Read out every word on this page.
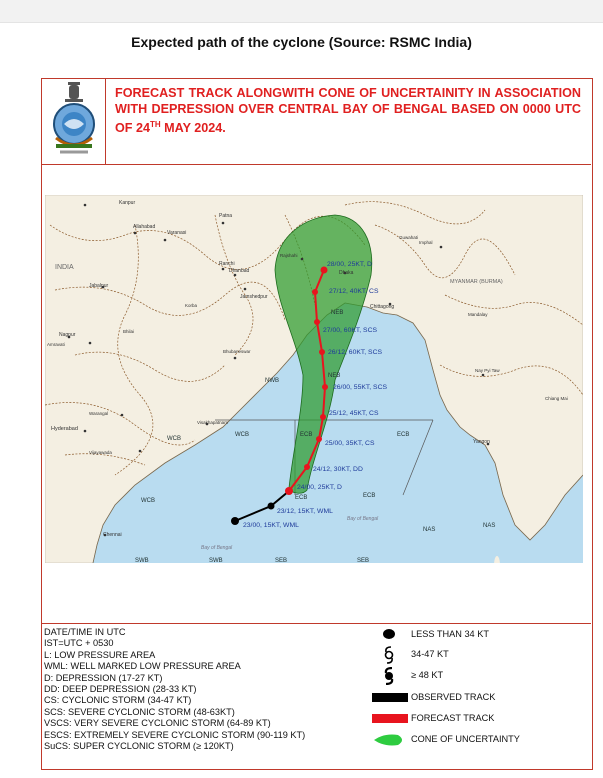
Expected path of the cyclone (Source: RSMC India)
FORECAST TRACK ALONGWITH CONE OF UNCERTAINITY IN ASSOCIATION WITH DEPRESSION OVER CENTRAL BAY OF BENGAL BASED ON 0000 UTC OF 24TH MAY 2024.
Kanpur
Allahabad
Varanasi
Patna
Guwahati
Imphal
INDIA
Jabalpur
Ranchi
Dhanbad
Jamshedpur
Rajshahi
Dhaka
Chittagong
MYANMAR (BURMA)
Mandalay
Korba
Bhilai
Nagpur
Amravati
Bhubaneswar
Nay Pyi Taw
Chiang Mai
Warangal
Hyderabad
Visakhapatnam
Vijayawada
Yangon
Chennai
Bay of Bengal
Bay of Bengal
NWB
NEB
NEB
WCB
WCB
WCB
ECB	ECB
ECB	ECB
NAS
NAS
SWB	SWB	SEB	SEB
28/00, 25KT, D
27/12, 40KT, CS
27/00, 60KT, SCS
26/12, 60KT, SCS
26/00, 55KT, SCS
25/12, 45KT, CS
25/00, 35KT, CS
24/12, 30KT, DD
24/00, 25KT, D
23/12, 15KT, WML
23/00, 15KT, WML
DATE/TIME IN UTC
IST=UTC + 0530
L: LOW PRESSURE AREA
WML: WELL MARKED LOW PRESSURE AREA
D: DEPRESSION (17-27 KT)
DD: DEEP DEPRESSION (28-33 KT)
CS: CYCLONIC STORM (34-47 KT)
SCS: SEVERE CYCLONIC STORM (48-63KT)
VSCS: VERY SEVERE CYCLONIC STORM (64-89 KT)
ESCS: EXTREMELY SEVERE CYCLONIC STORM (90-119 KT)
SuCS: SUPER CYCLONIC STORM (≥ 120KT)
LESS THAN 34 KT
34-47 KT
≥ 48 KT
OBSERVED TRACK
FORECAST TRACK
CONE OF UNCERTAINTY
